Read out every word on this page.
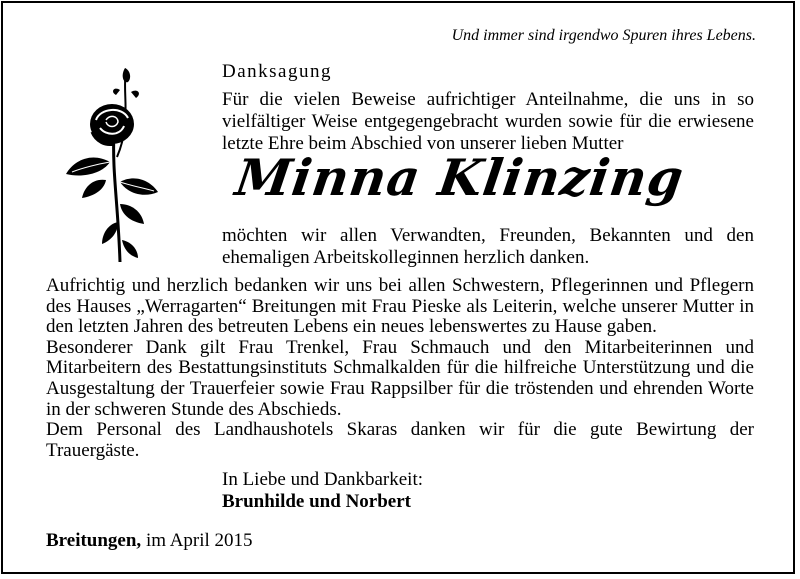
Und immer sind irgendwo Spuren ihres Lebens.
Danksagung
Für die vielen Beweise aufrichtiger Anteilnahme, die uns in so vielfältiger Weise entgegengebracht wurden sowie für die erwiesene letzte Ehre beim Abschied von unserer lieben Mutter
Minna Klinzing
möchten wir allen Verwandten, Freunden, Bekannten und den ehemaligen Arbeitskolleginnen herzlich danken.

Aufrichtig und herzlich bedanken wir uns bei allen Schwestern, Pflegerinnen und Pflegern des Hauses „Werragarten“ Breitungen mit Frau Pieske als Leiterin, welche unserer Mutter in den letzten Jahren des betreuten Lebens ein neues lebenswertes zu Hause gaben.

Besonderer Dank gilt Frau Trenkel, Frau Schmauch und den Mitarbeiterinnen und Mitarbeitern des Bestattungsinstituts Schmalkalden für die hilfreiche Unterstützung und die Ausgestaltung der Trauerfeier sowie Frau Rappsilber für die tröstenden und ehrenden Worte in der schweren Stunde des Abschieds.

Dem Personal des Landhaushotels Skaras danken wir für die gute Bewirtung der Trauergäste.

In Liebe und Dankbarkeit:
Brunhilde und Norbert
Breitungen, im April 2015
